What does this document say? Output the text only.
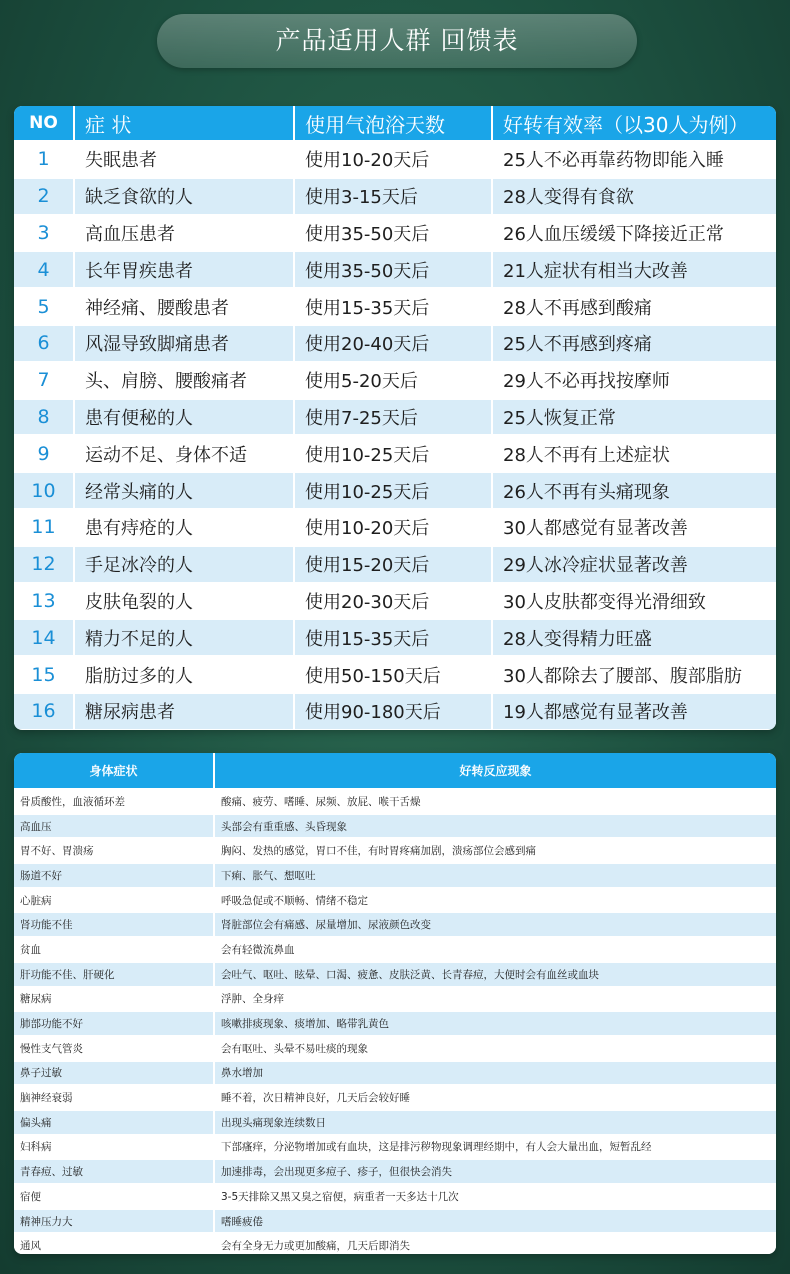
产品适用人群 回馈表
NO	症 状	使用气泡浴天数	好转有效率（以30人为例）
1	失眠患者	使用10-20天后	25人不必再靠药物即能入睡
2	缺乏食欲的人	使用3-15天后	28人变得有食欲
3	高血压患者	使用35-50天后	26人血压缓缓下降接近正常
4	长年胃疾患者	使用35-50天后	21人症状有相当大改善
5	神经痛、腰酸患者	使用15-35天后	28人不再感到酸痛
6	风湿导致脚痛患者	使用20-40天后	25人不再感到疼痛
7	头、肩膀、腰酸痛者	使用5-20天后	29人不必再找按摩师
8	患有便秘的人	使用7-25天后	25人恢复正常
9	运动不足、身体不适	使用10-25天后	28人不再有上述症状
10	经常头痛的人	使用10-25天后	26人不再有头痛现象
11	患有痔疮的人	使用10-20天后	30人都感觉有显著改善
12	手足冰冷的人	使用15-20天后	29人冰冷症状显著改善
13	皮肤龟裂的人	使用20-30天后	30人皮肤都变得光滑细致
14	精力不足的人	使用15-35天后	28人变得精力旺盛
15	脂肪过多的人	使用50-150天后	30人都除去了腰部、腹部脂肪
16	糖尿病患者	使用90-180天后	19人都感觉有显著改善
身体症状	好转反应现象
骨质酸性，血液循环差	酸痛、疲劳、嗜睡、尿频、放屁、喉干舌燥
高血压	头部会有重重感、头昏现象
胃不好、胃溃疡	胸闷、发热的感觉，胃口不佳，有时胃疼痛加剧，溃疡部位会感到痛
肠道不好	下痢、胀气、想呕吐
心脏病	呼吸急促或不顺畅、情绪不稳定
肾功能不佳	肾脏部位会有痛感、尿量增加、尿液颜色改变
贫血	会有轻微流鼻血
肝功能不佳、肝硬化	会吐气、呕吐、眩晕、口渴、疲惫、皮肤泛黄、长青春痘，大便时会有血丝或血块
糖尿病	浮肿、全身痒
肺部功能不好	咳嗽排痰现象、痰增加、略带乳黄色
慢性支气管炎	会有呕吐、头晕不易吐痰的现象
鼻子过敏	鼻水增加
脑神经衰弱	睡不着，次日精神良好，几天后会较好睡
偏头痛	出现头痛现象连续数日
妇科病	下部瘙痒，分泌物增加或有血块，这是排污秽物现象调理经期中，有人会大量出血，短暂乱经
青春痘、过敏	加速排毒，会出现更多痘子、疹子，但很快会消失
宿便	3-5天排除又黑又臭之宿便，病重者一天多达十几次
精神压力大	嗜睡疲倦
通风	会有全身无力或更加酸痛，几天后即消失
